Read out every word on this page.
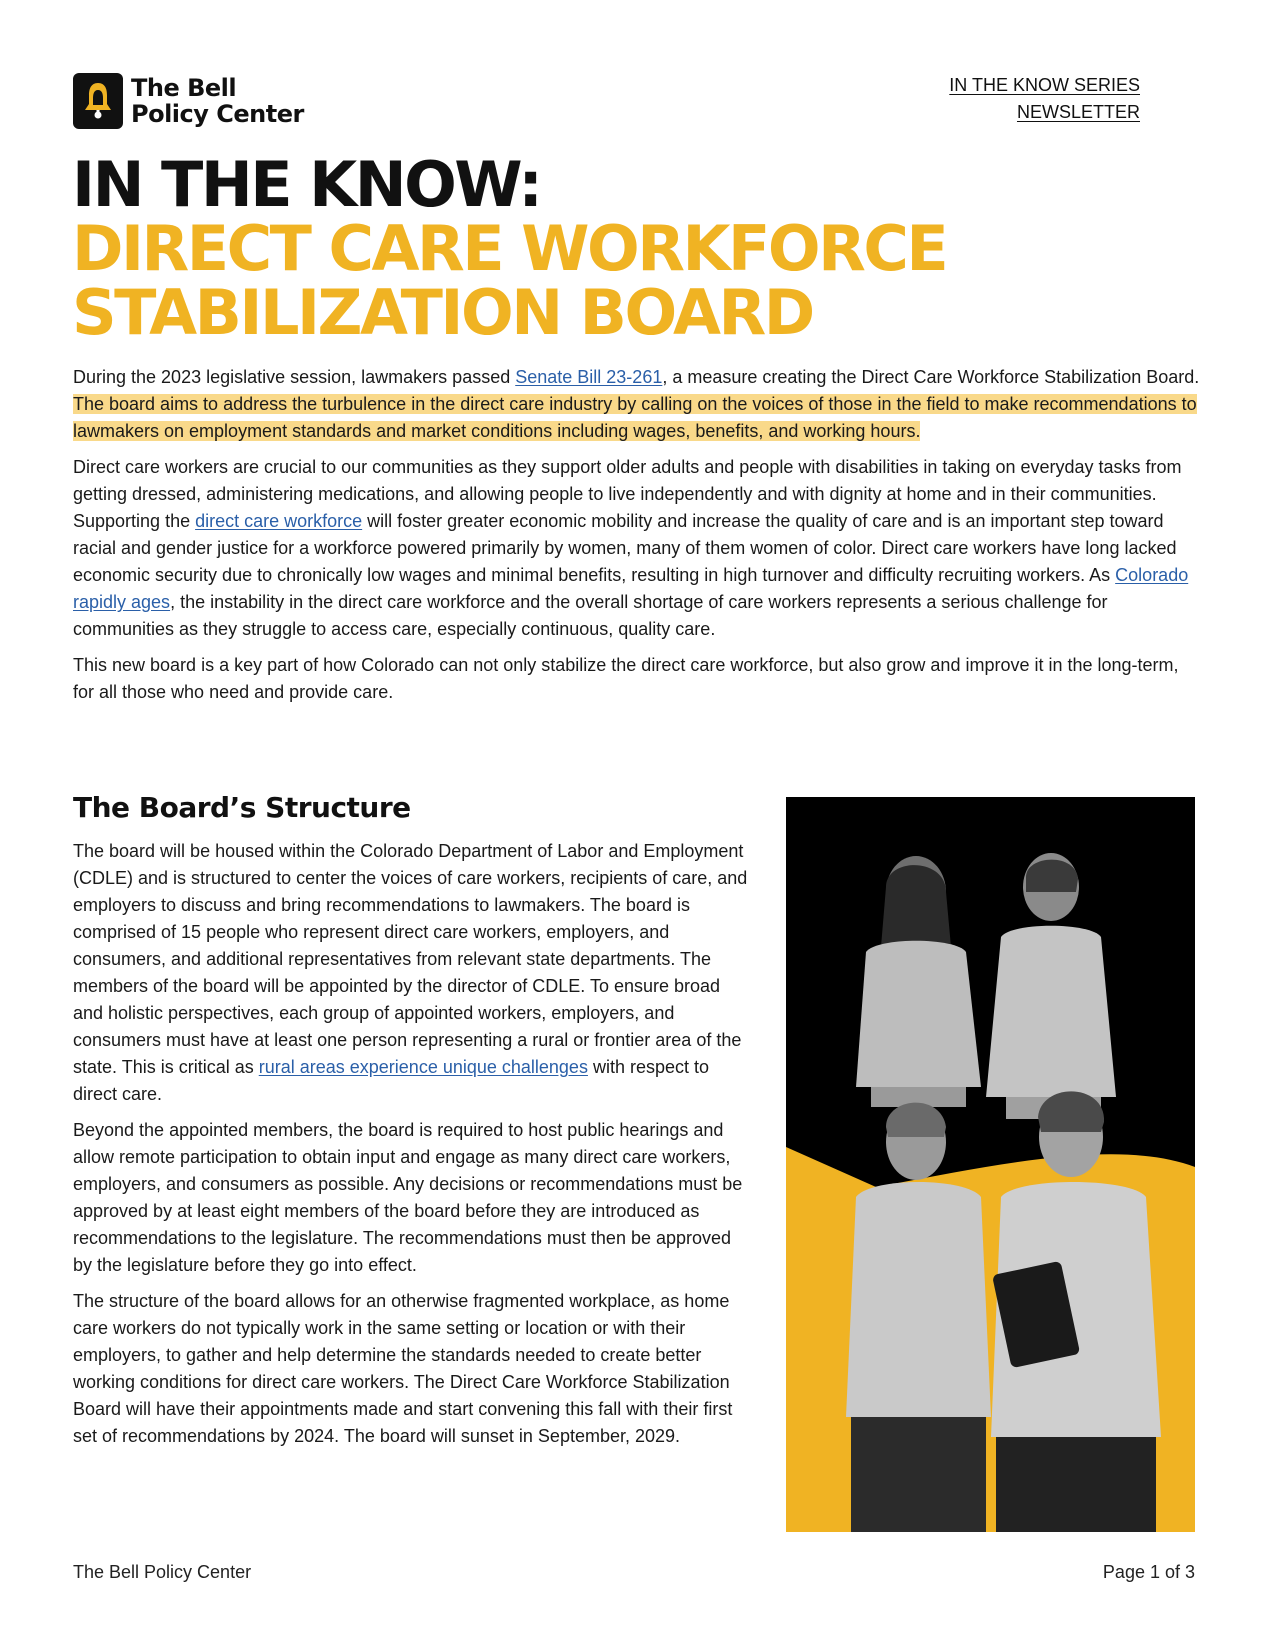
The Bell
Policy Center
IN THE KNOW SERIES
NEWSLETTER
IN THE KNOW:
DIRECT CARE WORKFORCE
STABILIZATION BOARD

During the 2023 legislative session, lawmakers passed Senate Bill 23-261, a measure creating the Direct Care Workforce Stabilization Board. The board aims to address the turbulence in the direct care industry by calling on the voices of those in the field to make recommendations to lawmakers on employment standards and market conditions including wages, benefits, and working hours.

Direct care workers are crucial to our communities as they support older adults and people with disabilities in taking on everyday tasks from getting dressed, administering medications, and allowing people to live independently and with dignity at home and in their communities. Supporting the direct care workforce will foster greater economic mobility and increase the quality of care and is an important step toward racial and gender justice for a workforce powered primarily by women, many of them women of color. Direct care workers have long lacked economic security due to chronically low wages and minimal benefits, resulting in high turnover and difficulty recruiting workers. As Colorado rapidly ages, the instability in the direct care workforce and the overall shortage of care workers represents a serious challenge for communities as they struggle to access care, especially continuous, quality care.

This new board is a key part of how Colorado can not only stabilize the direct care workforce, but also grow and improve it in the long-term, for all those who need and provide care.

The Board’s Structure

The board will be housed within the Colorado Department of Labor and Employment (CDLE) and is structured to center the voices of care workers, recipients of care, and employers to discuss and bring recommendations to lawmakers. The board is comprised of 15 people who represent direct care workers, employers, and consumers, and additional representatives from relevant state departments. The members of the board will be appointed by the director of CDLE. To ensure broad and holistic perspectives, each group of appointed workers, employers, and consumers must have at least one person representing a rural or frontier area of the state. This is critical as rural areas experience unique challenges with respect to direct care.

Beyond the appointed members, the board is required to host public hearings and allow remote participation to obtain input and engage as many direct care workers, employers, and consumers as possible. Any decisions or recommendations must be approved by at least eight members of the board before they are introduced as recommendations to the legislature. The recommendations must then be approved by the legislature before they go into effect.

The structure of the board allows for an otherwise fragmented workplace, as home care workers do not typically work in the same setting or location or with their employers, to gather and help determine the standards needed to create better working conditions for direct care workers. The Direct Care Workforce Stabilization Board will have their appointments made and start convening this fall with their first set of recommendations by 2024. The board will sunset in September, 2029.

The Bell Policy Center	Page 1 of 3
